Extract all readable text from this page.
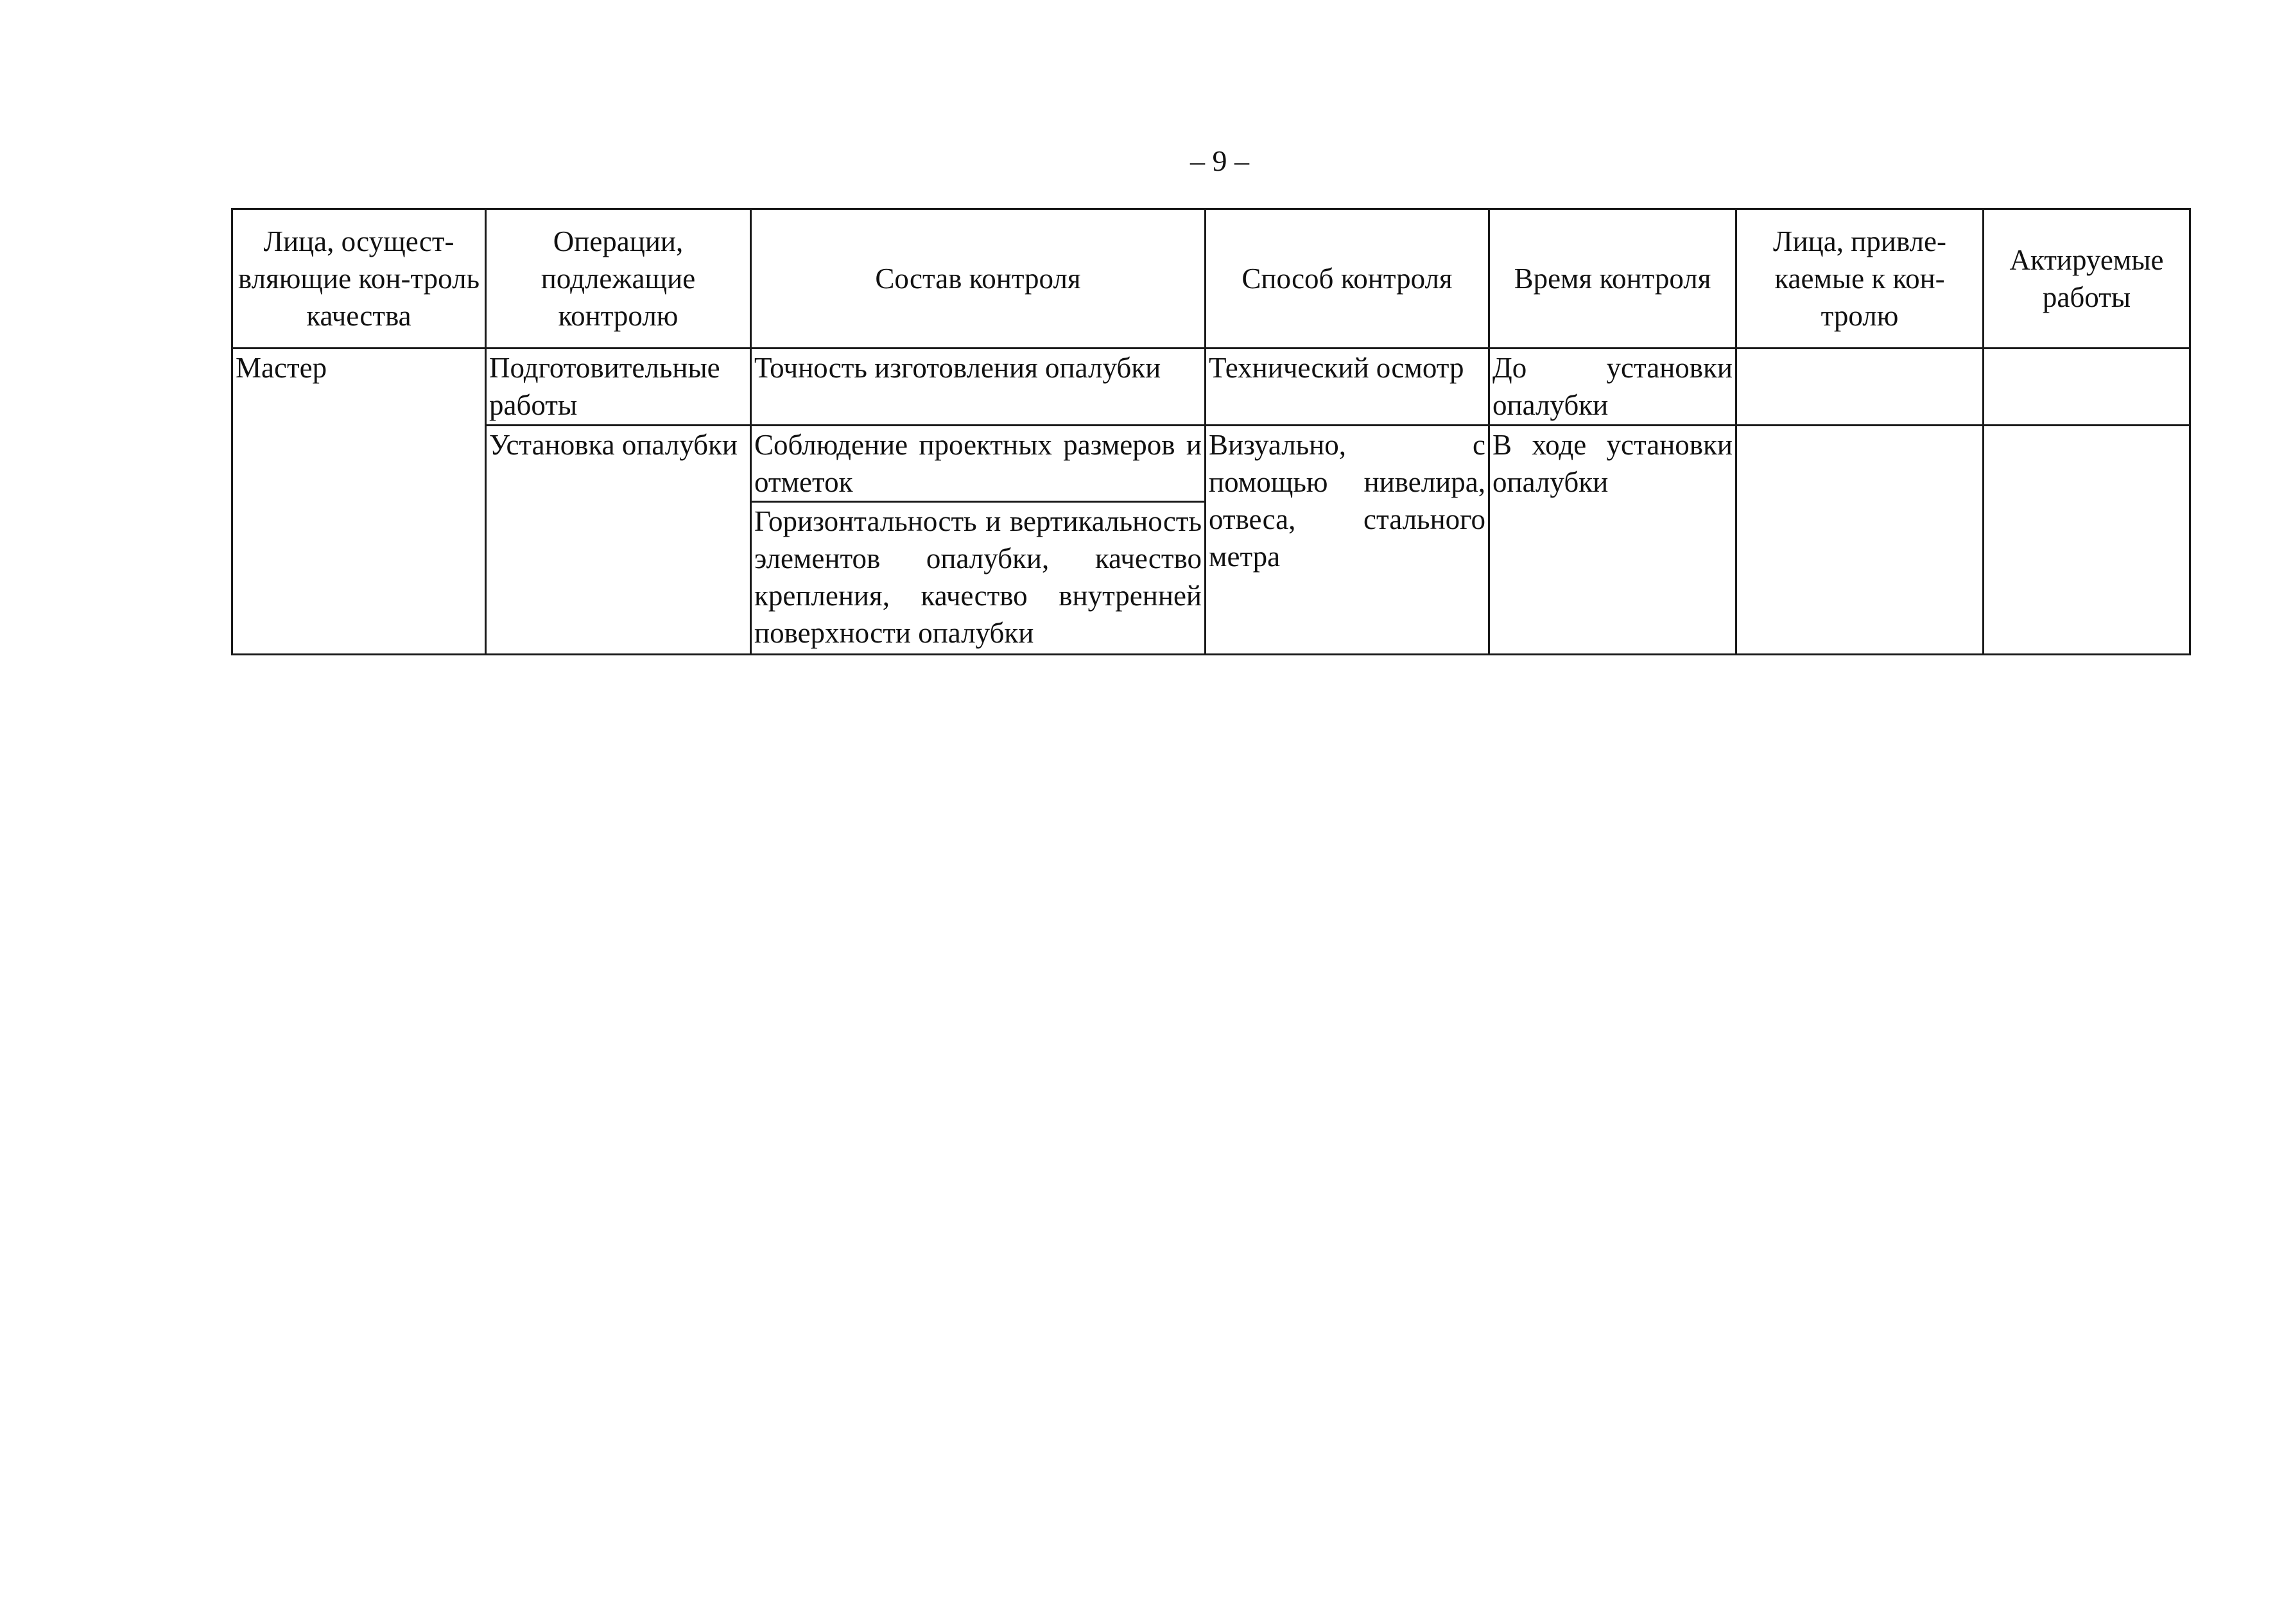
– 9 –
Лица, осущест-вляющие кон-троль качества	Операции, подлежащие контролю	Состав контроля	Способ контроля	Время контроля	Лица, привле-каемые к кон-тролю	Актируемые работы

Мастер	Подготовительные работы	Точность изготовления опалубки	Технический осмотр	До установки опалубки		

	Установка опалубки	Соблюдение проектных размеров и отметок	Визуально, с помощью нивелира, отвеса, стального метра	В ходе установки опалубки		

		Горизонтальность и вертикальность элементов опалубки, качество крепления, качество внутренней поверхности опалубки				
